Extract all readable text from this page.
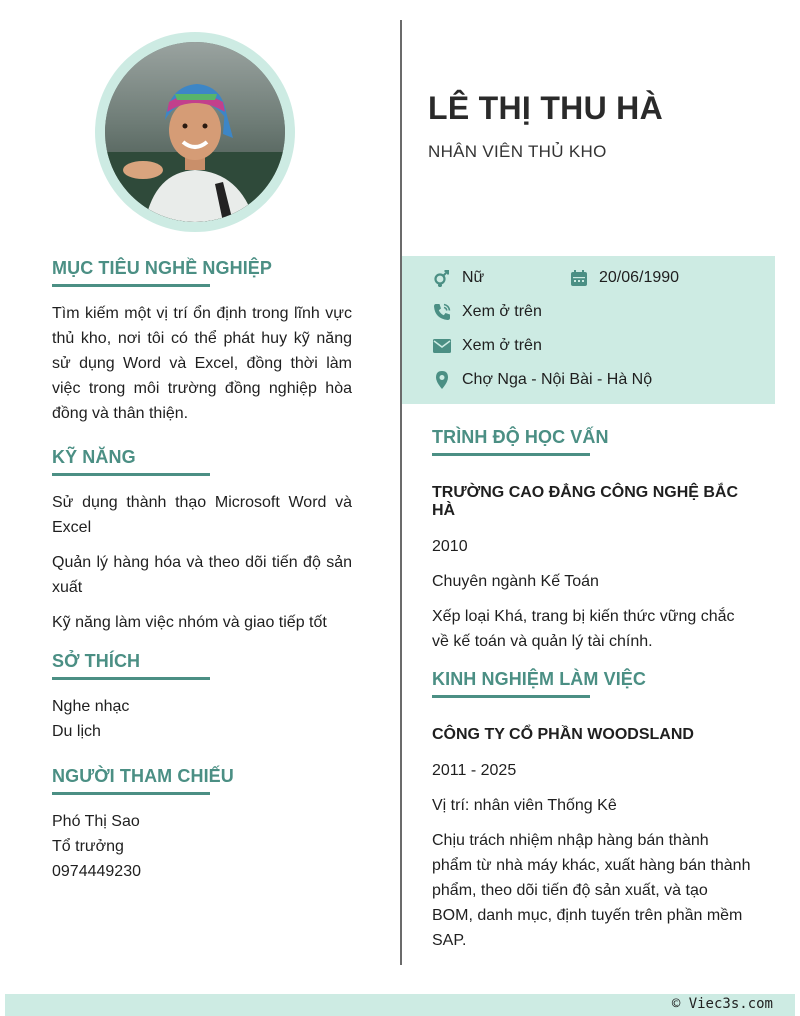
MỤC TIÊU NGHỀ NGHIỆP

Tìm kiếm một vị trí ổn định trong lĩnh vực thủ kho, nơi tôi có thể phát huy kỹ năng sử dụng Word và Excel, đồng thời làm việc trong môi trường đồng nghiệp hòa đồng và thân thiện.

KỸ NĂNG

Sử dụng thành thạo Microsoft Word và Excel

Quản lý hàng hóa và theo dõi tiến độ sản xuất

Kỹ năng làm việc nhóm và giao tiếp tốt

SỞ THÍCH

Nghe nhạc

Du lịch

NGƯỜI THAM CHIẾU

Phó Thị Sao

Tổ trưởng

0974449230

LÊ THỊ THU HÀ

NHÂN VIÊN THỦ KHO

Nữ	20/06/1990
Xem ở trên
Xem ở trên
Chợ Nga - Nội Bài - Hà Nộ
TRÌNH ĐỘ HỌC VẤN

TRƯỜNG CAO ĐẲNG CÔNG NGHỆ BẮC HÀ

2010

Chuyên ngành Kế Toán

Xếp loại Khá, trang bị kiến thức vững chắc về kế toán và quản lý tài chính.

KINH NGHIỆM LÀM VIỆC

CÔNG TY CỔ PHẦN WOODSLAND

2011 - 2025

Vị trí: nhân viên Thống Kê

Chịu trách nhiệm nhập hàng bán thành phẩm từ nhà máy khác, xuất hàng bán thành phẩm, theo dõi tiến độ sản xuất, và tạo BOM, danh mục, định tuyến trên phần mềm SAP.

© Viec3s.com
